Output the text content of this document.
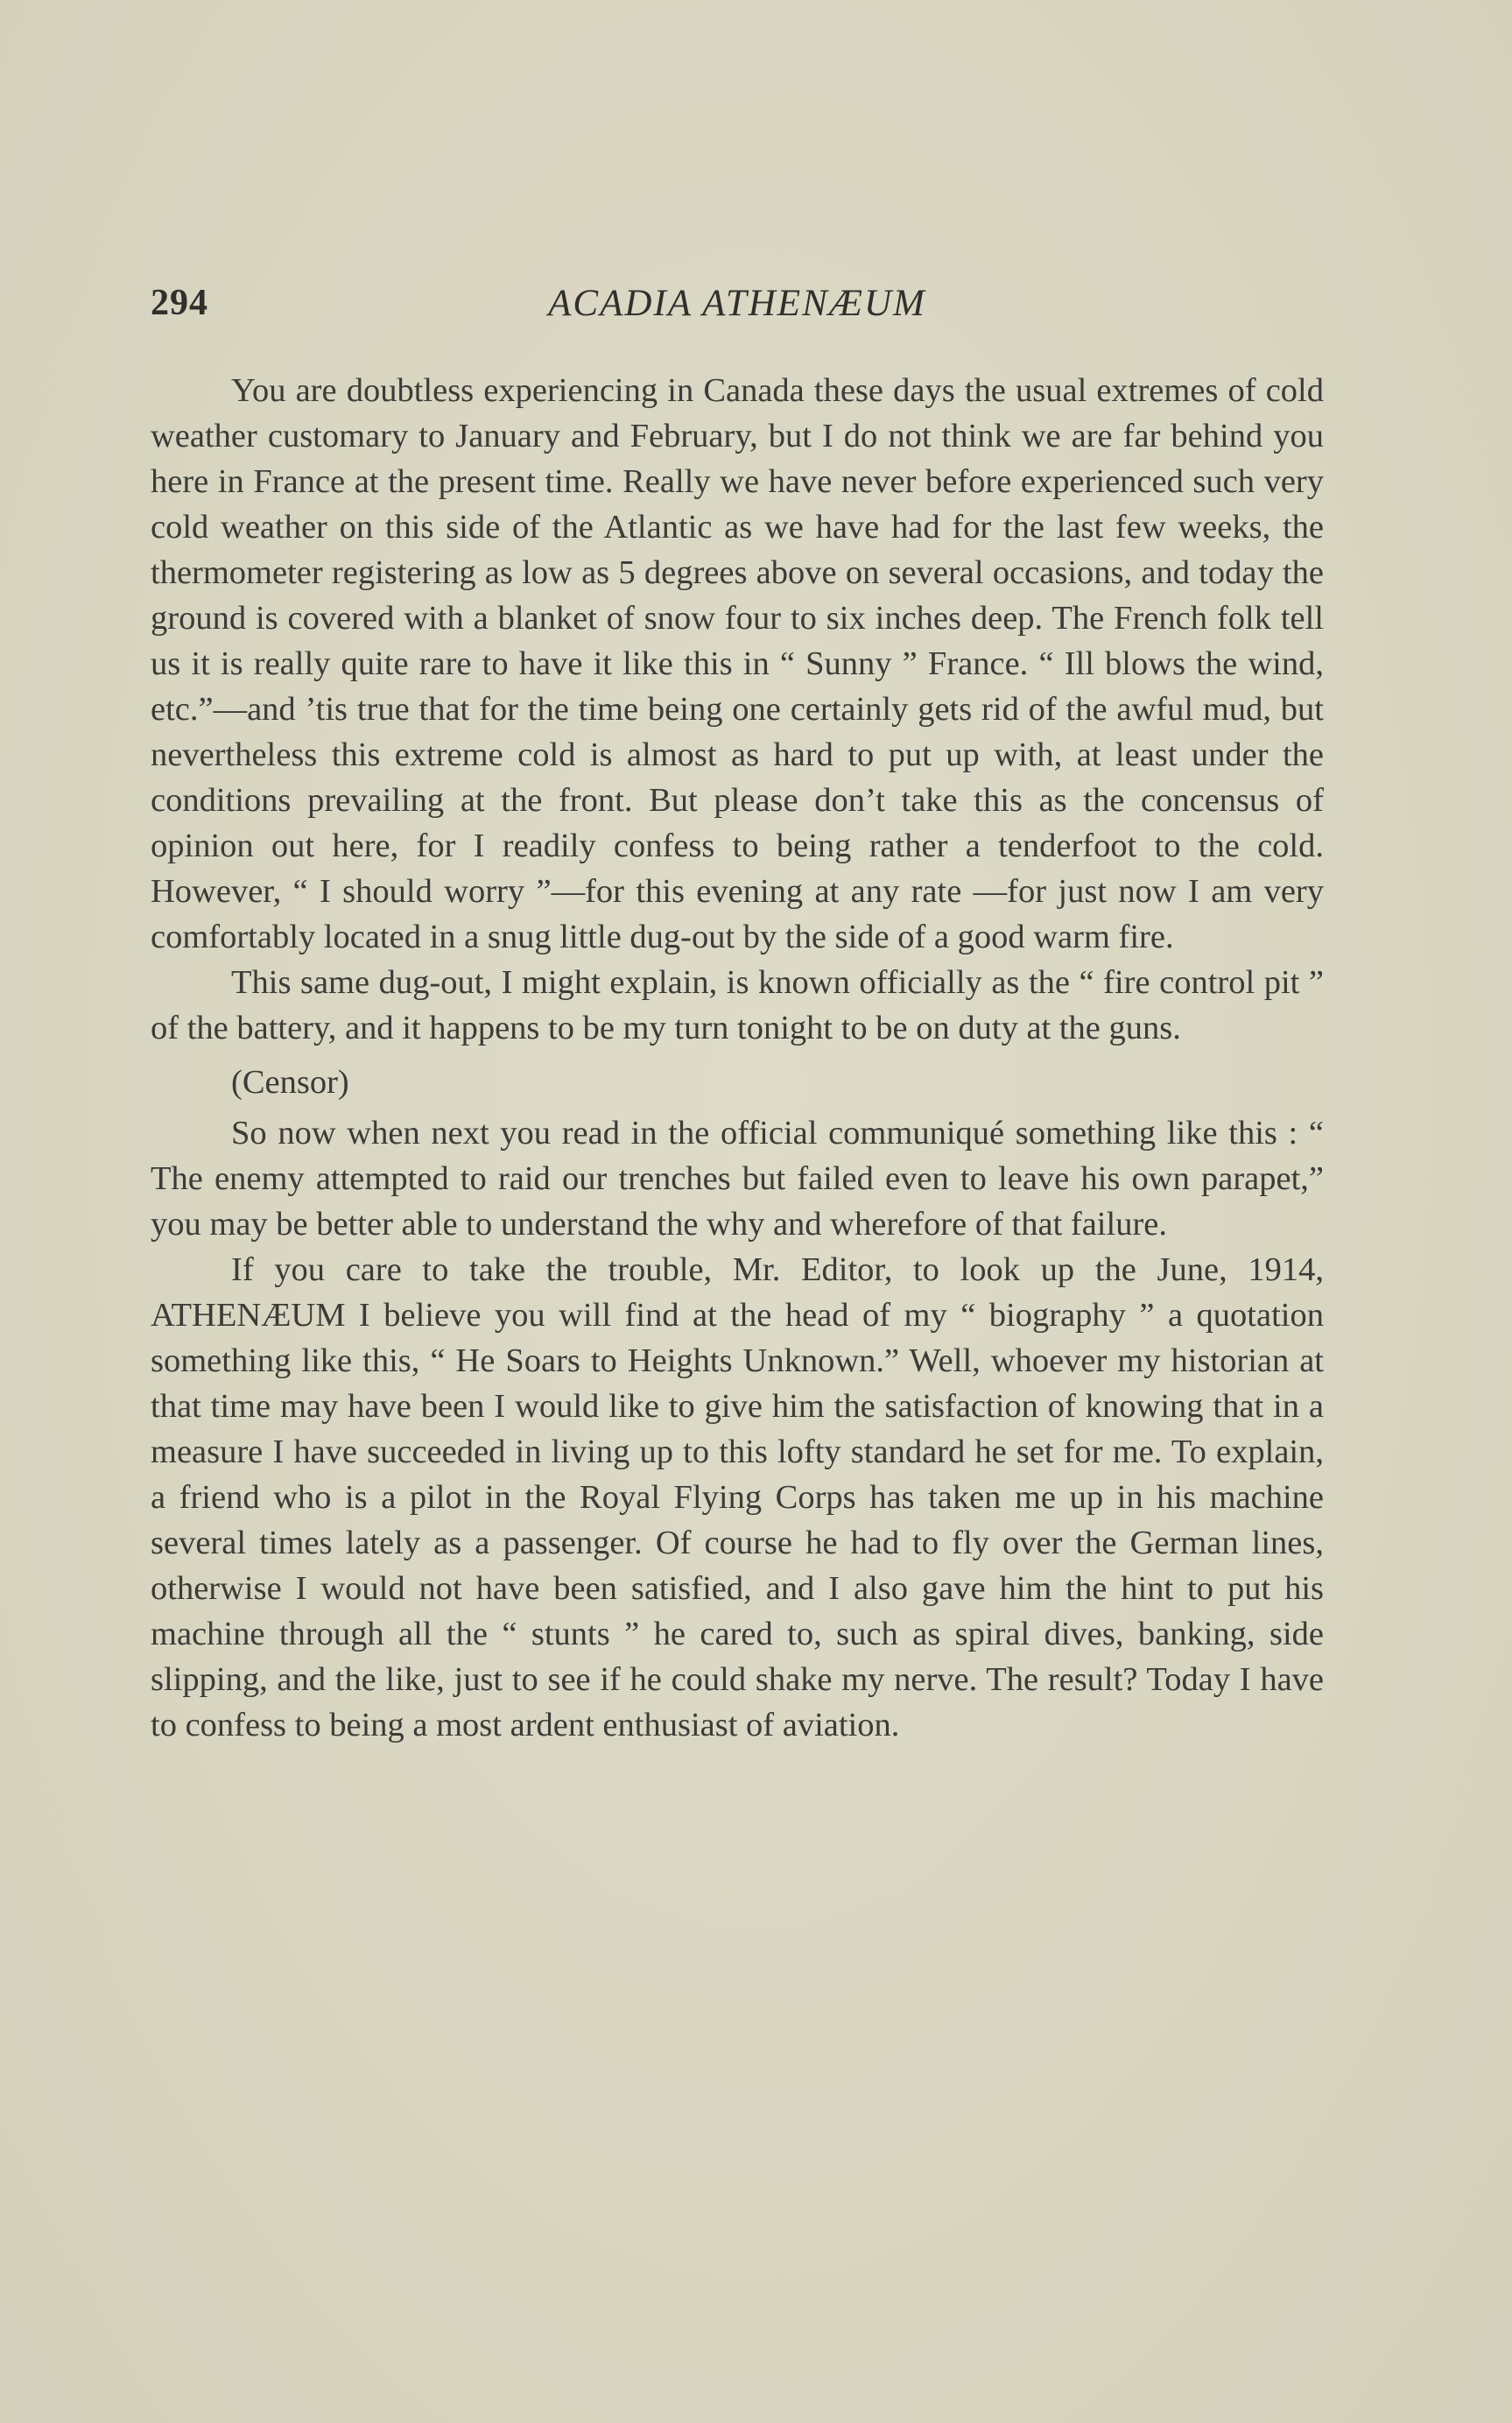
294	ACADIA ATHENÆUM

You are doubtless experiencing in Canada these days the usual extremes of cold weather customary to January and February, but I do not think we are far behind you here in France at the present time. Really we have never before experienced such very cold weather on this side of the Atlantic as we have had for the last few weeks, the thermometer registering as low as 5 degrees above on several occasions, and today the ground is covered with a blanket of snow four to six inches deep. The French folk tell us it is really quite rare to have it like this in “ Sunny ” France. “ Ill blows the wind, etc.”—and ’tis true that for the time being one certainly gets rid of the awful mud, but nevertheless this extreme cold is almost as hard to put up with, at least under the conditions prevailing at the front. But please don’t take this as the concensus of opinion out here, for I readily confess to being rather a tenderfoot to the cold. However, “ I should worry ”—for this evening at any rate —for just now I am very comfortably located in a snug little dug-out by the side of a good warm fire.

This same dug-out, I might explain, is known officially as the “ fire control pit ” of the battery, and it happens to be my turn tonight to be on duty at the guns.

(Censor)

So now when next you read in the official communiqué something like this : “ The enemy attempted to raid our trenches but failed even to leave his own parapet,” you may be better able to understand the why and wherefore of that failure.

If you care to take the trouble, Mr. Editor, to look up the June, 1914, ATHENÆUM I believe you will find at the head of my “ biography ” a quotation something like this, “ He Soars to Heights Unknown.” Well, whoever my historian at that time may have been I would like to give him the satisfaction of knowing that in a measure I have succeeded in living up to this lofty standard he set for me. To explain, a friend who is a pilot in the Royal Flying Corps has taken me up in his machine several times lately as a passenger. Of course he had to fly over the German lines, otherwise I would not have been satisfied, and I also gave him the hint to put his machine through all the “ stunts ” he cared to, such as spiral dives, banking, side slipping, and the like, just to see if he could shake my nerve. The result? Today I have to confess to being a most ardent enthusiast of aviation.
